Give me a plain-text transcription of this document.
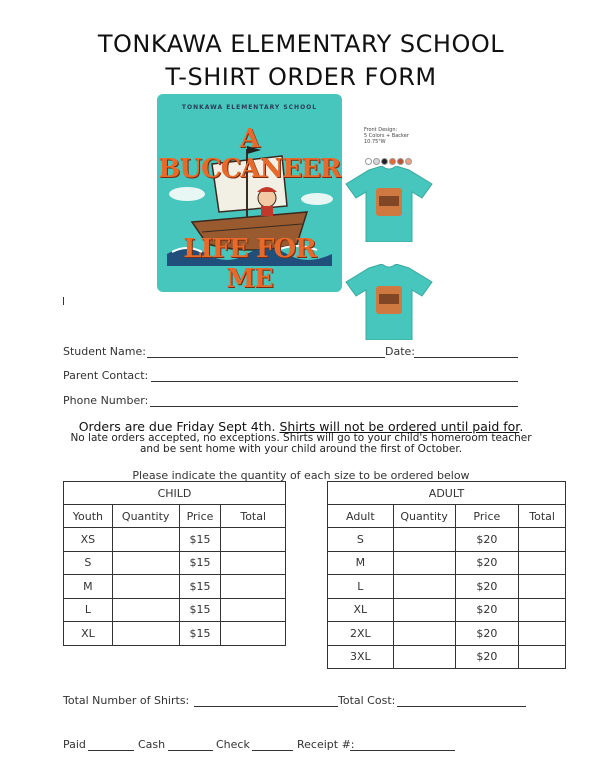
TONKAWA ELEMENTARY SCHOOL
T-SHIRT ORDER FORM
TONKAWA ELEMENTARY SCHOOL
A BUCCANEER
LIFE FOR ME
Front Design:
5 Colors + Backer
10.75"W
Student Name:	Date:
Parent Contact:
Phone Number:
Orders are due Friday Sept 4th. Shirts will not be ordered until paid for.
No late orders accepted, no exceptions. Shirts will go to your child's homeroom teacher and be sent home with your child around the first of October.
Please indicate the quantity of each size to be ordered below
CHILD			
Youth	Quantity	Price	Total
XS		$15	
S		$15	
M		$15	
L		$15	
XL		$15	
ADULT			
Adult	Quantity	Price	Total
S		$20	
M		$20	
L		$20	
XL		$20	
2XL		$20	
3XL		$20	
Total Number of Shirts:	Total Cost:
Paid	Cash	Check	Receipt #:
